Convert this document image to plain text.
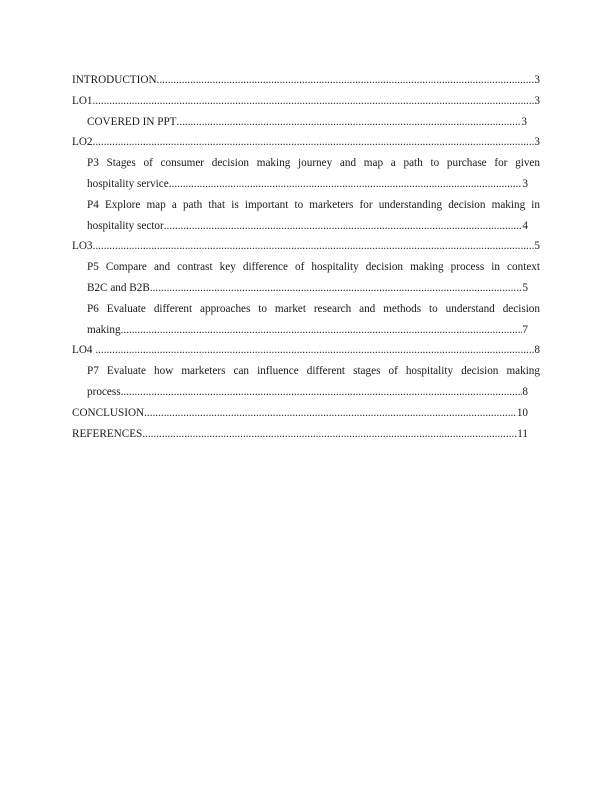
INTRODUCTION .....	3
LO1 .....	3
COVERED IN PPT .....	3
LO2 .....	3
P3 Stages of consumer decision making journey and map a path to purchase for given
hospitality service .....	3
P4 Explore map a path that is important to marketers for understanding decision making in
hospitality sector .....	4
LO3 .....	5
P5 Compare and contrast key difference of hospitality decision making process in context
B2C and B2B .....	5
P6 Evaluate different approaches to market research and methods to understand decision
making .....	7
LO4 .....	8
P7 Evaluate how marketers can influence different stages of hospitality decision making
process .....	8
CONCLUSION .....	10
REFERENCES .....	11
